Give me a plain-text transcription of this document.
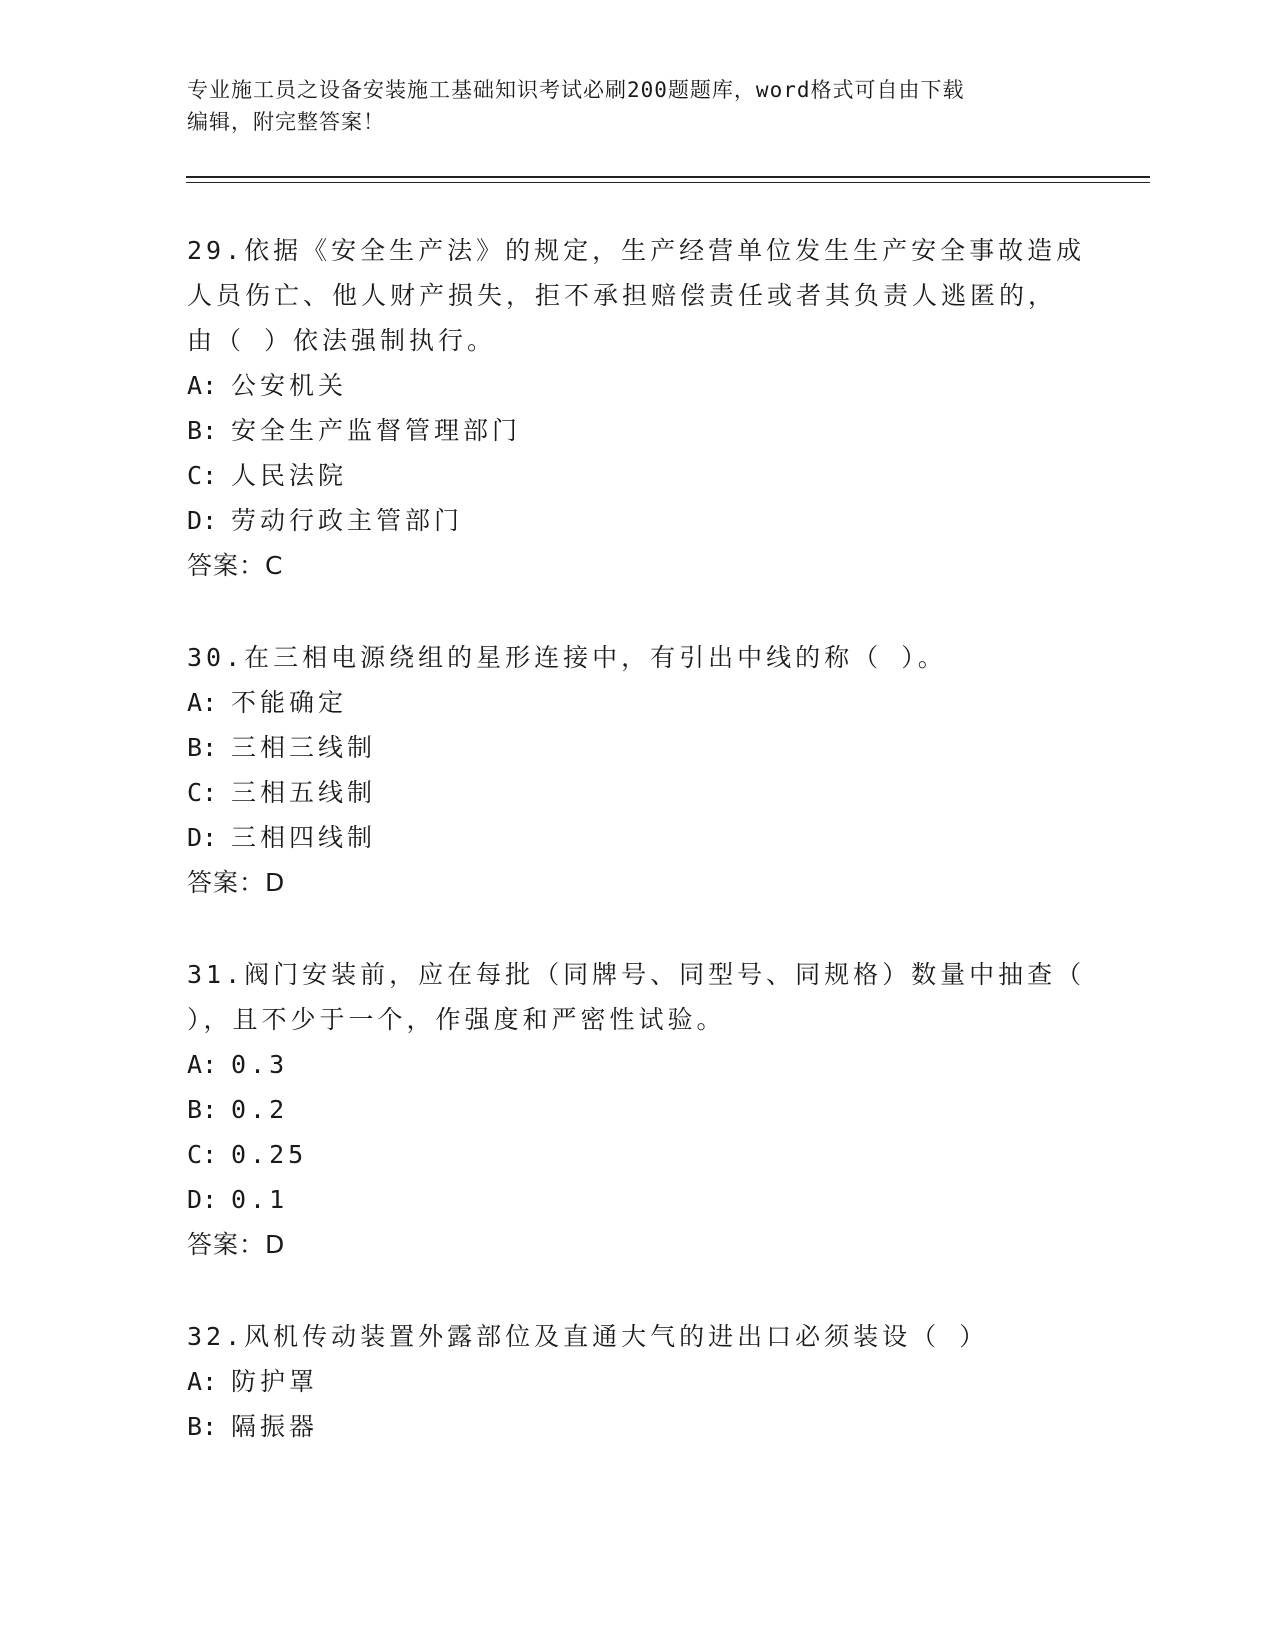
专业施工员之设备安装施工基础知识考试必刷200题题库，word格式可自由下载
编辑，附完整答案！
29.依据《安全生产法》的规定，生产经营单位发生生产安全事故造成
人员伤亡、他人财产损失，拒不承担赔偿责任或者其负责人逃匿的，
由（ ）依法强制执行。
A: 公安机关
B: 安全生产监督管理部门
C: 人民法院
D: 劳动行政主管部门
答案：C
30.在三相电源绕组的星形连接中，有引出中线的称（ ）。
A: 不能确定
B: 三相三线制
C: 三相五线制
D: 三相四线制
答案：D
31.阀门安装前，应在每批（同牌号、同型号、同规格）数量中抽查（
），且不少于一个，作强度和严密性试验。
A: 0.3
B: 0.2
C: 0.25
D: 0.1
答案：D
32.风机传动装置外露部位及直通大气的进出口必须装设（ ）
A: 防护罩
B: 隔振器
